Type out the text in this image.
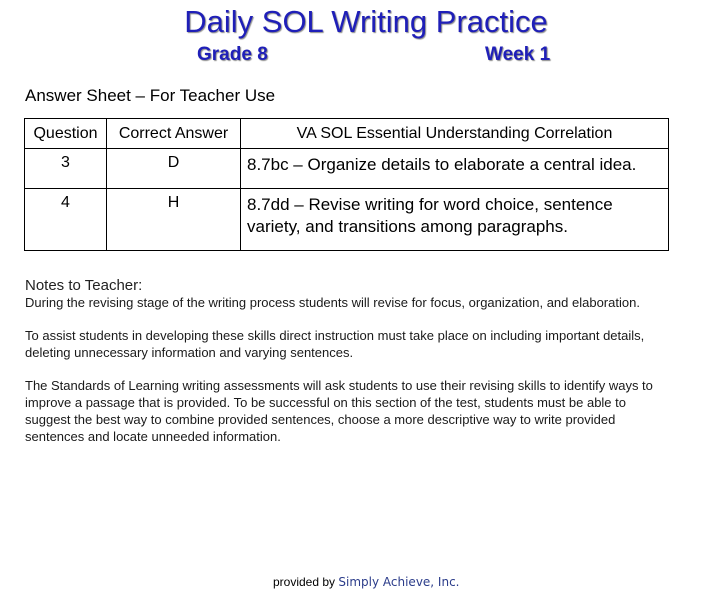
Daily SOL Writing Practice
Grade 8	Week 1
Answer Sheet – For Teacher Use
Question	Correct Answer	VA SOL Essential Understanding Correlation
3	D	8.7bc – Organize details to elaborate a central idea.
4	H	8.7dd – Revise writing for word choice, sentence variety, and transitions among paragraphs.
Notes to Teacher:

During the revising stage of the writing process students will revise for focus, organization, and elaboration.

To assist students in developing these skills direct instruction must take place on including important details, deleting unnecessary information and varying sentences.

The Standards of Learning writing assessments will ask students to use their revising skills to identify ways to improve a passage that is provided. To be successful on this section of the test, students must be able to suggest the best way to combine provided sentences, choose a more descriptive way to write provided sentences and locate unneeded information.

provided by Simply Achieve, Inc.
